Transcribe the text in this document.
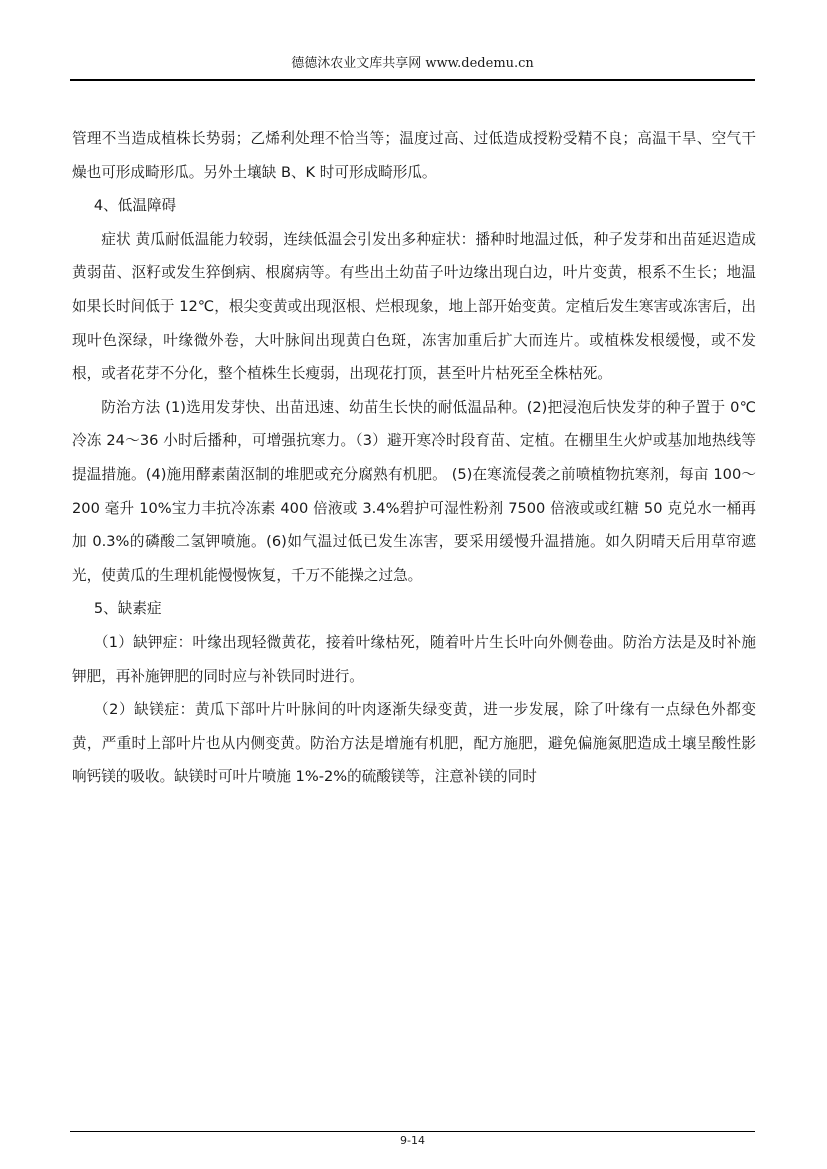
德德沐农业文库共享网 www.dedemu.cn

管理不当造成植株长势弱；乙烯利处理不恰当等；温度过高、过低造成授粉受精不良；高温干旱、空气干燥也可形成畸形瓜。另外土壤缺 B、K 时可形成畸形瓜。

4、低温障碍

症状 黄瓜耐低温能力较弱，连续低温会引发出多种症状：播种时地温过低，种子发芽和出苗延迟造成黄弱苗、沤籽或发生猝倒病、根腐病等。有些出土幼苗子叶边缘出现白边，叶片变黄，根系不生长；地温如果长时间低于 12℃，根尖变黄或出现沤根、烂根现象，地上部开始变黄。定植后发生寒害或冻害后，出现叶色深绿，叶缘微外卷，大叶脉间出现黄白色斑，冻害加重后扩大而连片。或植株发根缓慢，或不发根，或者花芽不分化，整个植株生长瘦弱，出现花打顶，甚至叶片枯死至全株枯死。

防治方法 (1)选用发芽快、出苗迅速、幼苗生长快的耐低温品种。(2)把浸泡后快发芽的种子置于 0℃冷冻 24～36 小时后播种，可增强抗寒力。（3）避开寒冷时段育苗、定植。在棚里生火炉或基加地热线等提温措施。(4)施用酵素菌沤制的堆肥或充分腐熟有机肥。 (5)在寒流侵袭之前喷植物抗寒剂，每亩 100～200 毫升 10%宝力丰抗冷冻素 400 倍液或 3.4%碧护可湿性粉剂 7500 倍液或或红糖 50 克兑水一桶再加 0.3%的磷酸二氢钾喷施。(6)如气温过低已发生冻害，要采用缓慢升温措施。如久阴晴天后用草帘遮光，使黄瓜的生理机能慢慢恢复，千万不能操之过急。

5、缺素症

（1）缺钾症：叶缘出现轻微黄花，接着叶缘枯死，随着叶片生长叶向外侧卷曲。防治方法是及时补施钾肥，再补施钾肥的同时应与补铁同时进行。

（2）缺镁症：黄瓜下部叶片叶脉间的叶肉逐渐失绿变黄，进一步发展，除了叶缘有一点绿色外都变黄，严重时上部叶片也从内侧变黄。防治方法是增施有机肥，配方施肥，避免偏施氮肥造成土壤呈酸性影响钙镁的吸收。缺镁时可叶片喷施 1%-2%的硫酸镁等，注意补镁的同时

9-14
